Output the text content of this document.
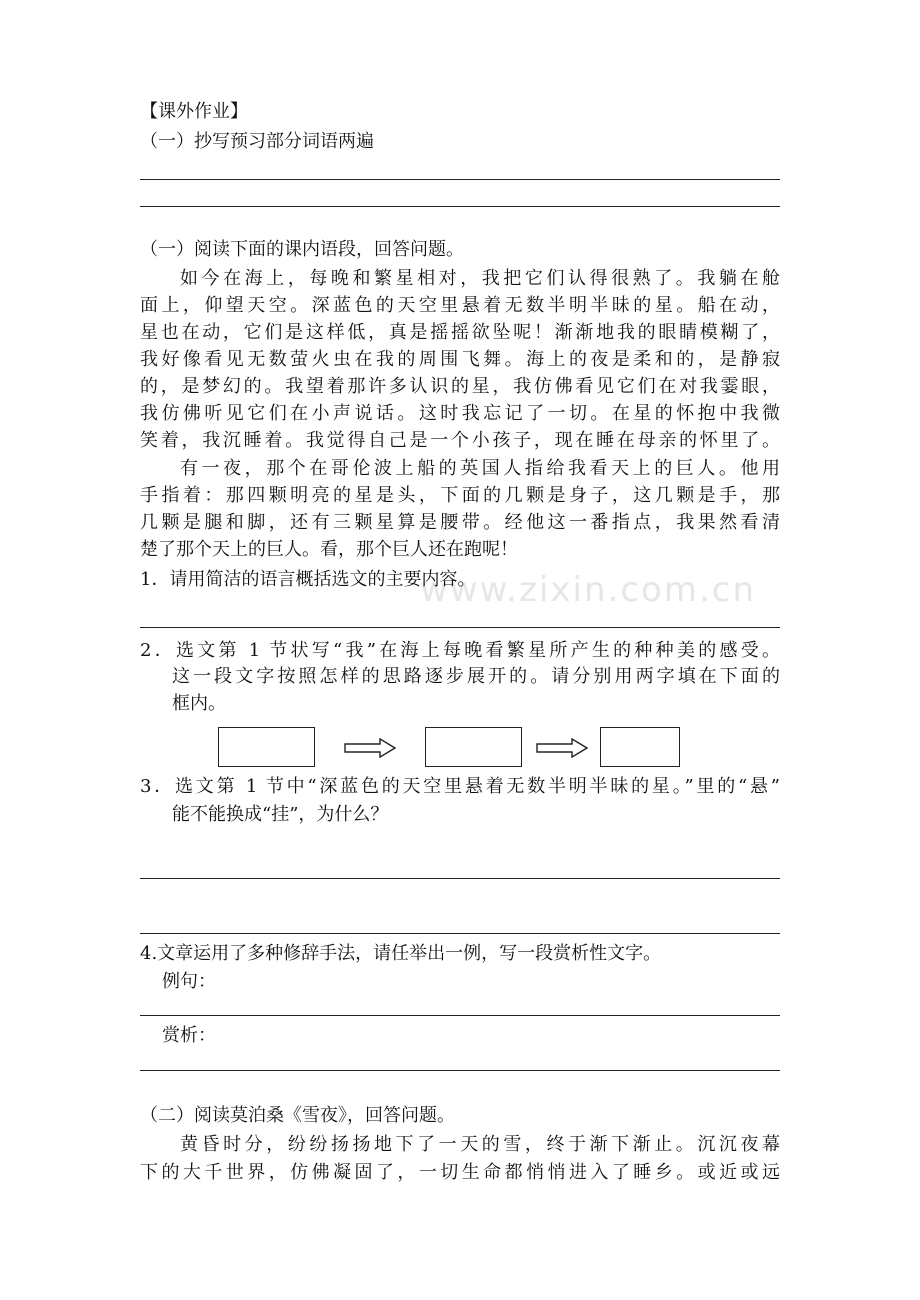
www.zixin.com.cn
【课外作业】
（一）抄写预习部分词语两遍
（一）阅读下面的课内语段，回答问题。
如今在海上，每晚和繁星相对，我把它们认得很熟了。我躺在舱
面上，仰望天空。深蓝色的天空里悬着无数半明半昧的星。船在动，
星也在动，它们是这样低，真是摇摇欲坠呢！渐渐地我的眼睛模糊了，
我好像看见无数萤火虫在我的周围飞舞。海上的夜是柔和的，是静寂
的，是梦幻的。我望着那许多认识的星，我仿佛看见它们在对我霎眼，
我仿佛听见它们在小声说话。这时我忘记了一切。在星的怀抱中我微
笑着，我沉睡着。我觉得自己是一个小孩子，现在睡在母亲的怀里了。
有一夜，那个在哥伦波上船的英国人指给我看天上的巨人。他用
手指着：那四颗明亮的星是头，下面的几颗是身子，这几颗是手，那
几颗是腿和脚，还有三颗星算是腰带。经他这一番指点，我果然看清
楚了那个天上的巨人。看，那个巨人还在跑呢！
1．请用简洁的语言概括选文的主要内容。
2．选文第 1 节状写“我”在海上每晚看繁星所产生的种种美的感受。
这一段文字按照怎样的思路逐步展开的。请分别用两字填在下面的
框内。
3．选文第 1 节中“深蓝色的天空里悬着无数半明半昧的星。”里的“悬”
能不能换成“挂”，为什么？
4.文章运用了多种修辞手法，请任举出一例，写一段赏析性文字。
例句：
赏析：
（二）阅读莫泊桑《雪夜》，回答问题。
黄昏时分，纷纷扬扬地下了一天的雪，终于渐下渐止。沉沉夜幕
下的大千世界，仿佛凝固了，一切生命都悄悄进入了睡乡。或近或远
